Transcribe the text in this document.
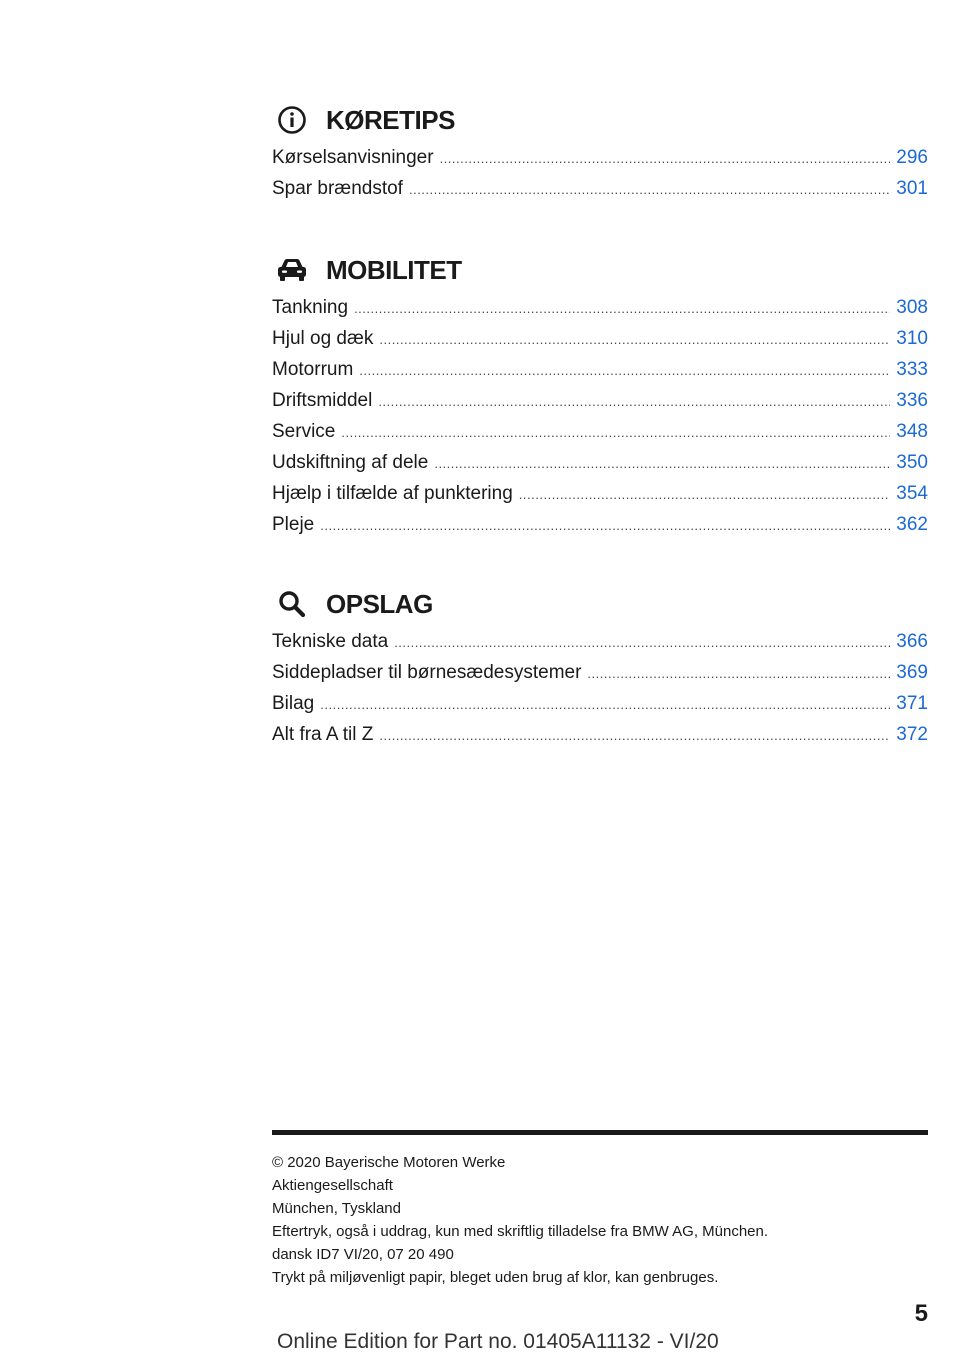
KØRETIPS
Kørselsanvisninger .....	296
Spar brændstof .....	301
MOBILITET
Tankning .....	308
Hjul og dæk .....	310
Motorrum .....	333
Driftsmiddel .....	336
Service .....	348
Udskiftning af dele .....	350
Hjælp i tilfælde af punktering .....	354
Pleje .....	362
OPSLAG
Tekniske data .....	366
Siddepladser til børnesædesystemer .....	369
Bilag .....	371
Alt fra A til Z .....	372
© 2020 Bayerische Motoren Werke
Aktiengesellschaft
München, Tyskland
Eftertryk, også i uddrag, kun med skriftlig tilladelse fra BMW AG, München.
dansk ID7 VI/20, 07 20 490
Trykt på miljøvenligt papir, bleget uden brug af klor, kan genbruges.
5
Online Edition for Part no. 01405A11132 - VI/20
